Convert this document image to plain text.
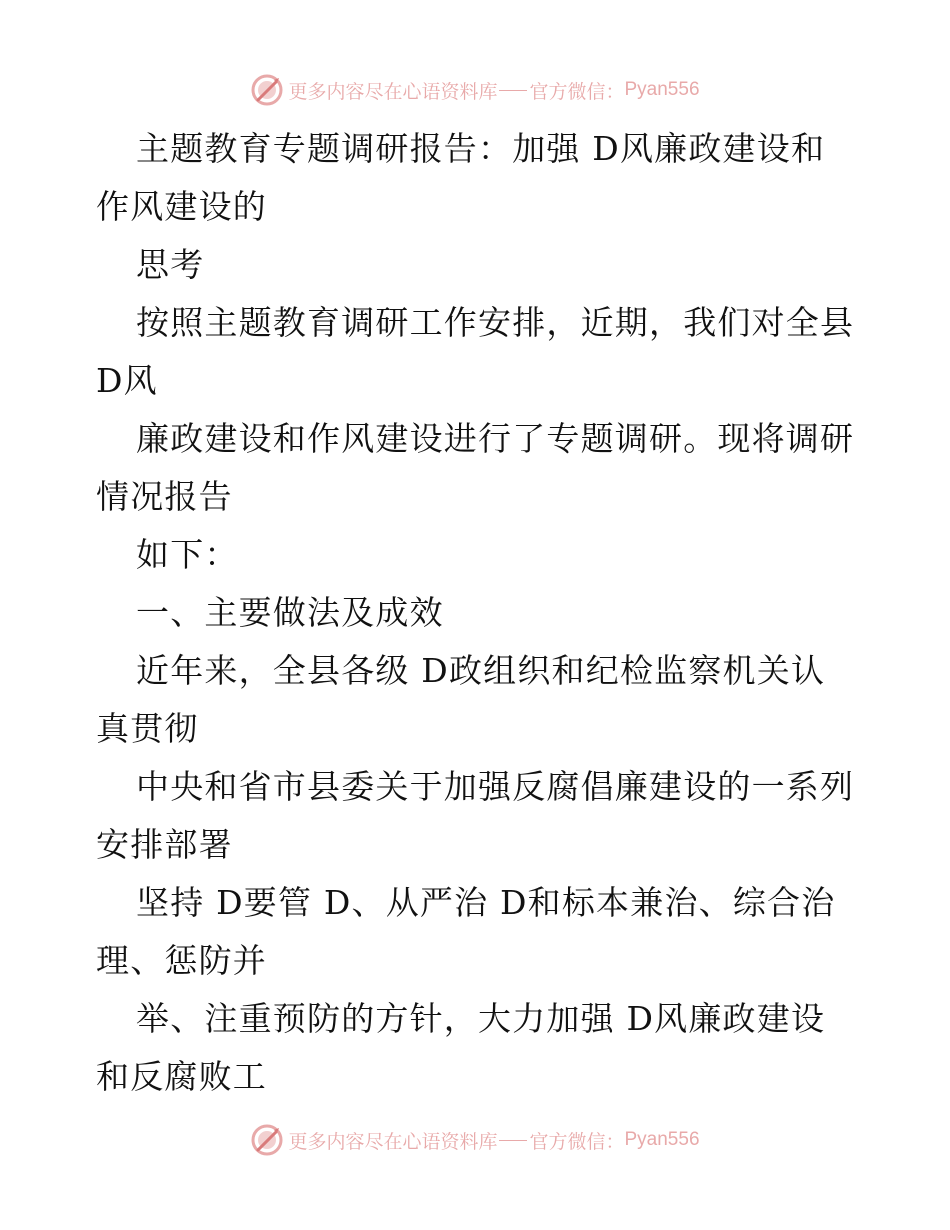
更多内容尽在心语资料库 官方微信： Pyan556

主题教育专题调研报告：加强 D风廉政建设和
作风建设的
思考
按照主题教育调研工作安排，近期，我们对全县
D风
廉政建设和作风建设进行了专题调研。现将调研
情况报告
如下：
一、主要做法及成效
近年来，全县各级 D政组织和纪检监察机关认
真贯彻
中央和省市县委关于加强反腐倡廉建设的一系列
安排部署
坚持 D要管 D、从严治 D和标本兼治、综合治
理、惩防并
举、注重预防的方针，大力加强 D风廉政建设
和反腐败工

更多内容尽在心语资料库 官方微信： Pyan556
